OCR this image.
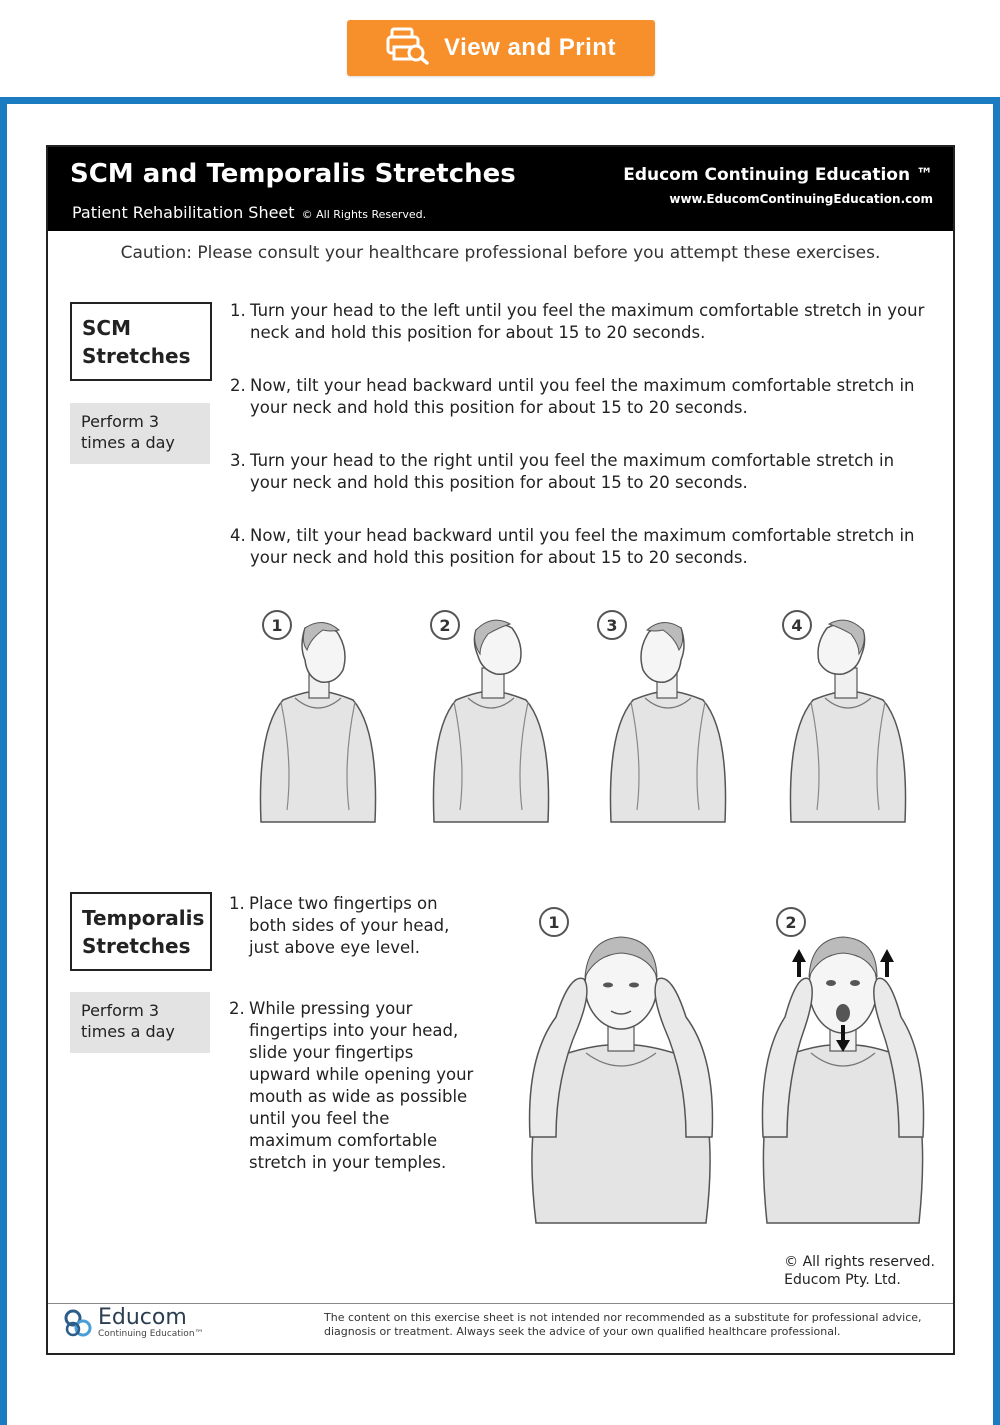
View and Print
SCM and Temporalis Stretches
Patient Rehabilitation Sheet © All Rights Reserved.
Educom Continuing Education ™
www.EducomContinuingEducation.com
Caution: Please consult your healthcare professional before you attempt these exercises.
SCM
Stretches
Perform 3
times a day
1. Turn your head to the left until you feel the maximum comfortable stretch in your neck and hold this position for about 15 to 20 seconds.
2. Now, tilt your head backward until you feel the maximum comfortable stretch in your neck and hold this position for about 15 to 20 seconds.
3. Turn your head to the right until you feel the maximum comfortable stretch in your neck and hold this position for about 15 to 20 seconds.
4. Now, tilt your head backward until you feel the maximum comfortable stretch in your neck and hold this position for about 15 to 20 seconds.
1	2	3	4
Temporalis
Stretches
Perform 3
times a day
1. Place two fingertips on both sides of your head, just above eye level.
2. While pressing your fingertips into your head, slide your fingertips upward while opening your mouth as wide as possible until you feel the maximum comfortable stretch in your temples.
1	2
© All rights reserved.
Educom Pty. Ltd.
Educom
Continuing Education™
The content on this exercise sheet is not intended nor recommended as a substitute for professional advice, diagnosis or treatment. Always seek the advice of your own qualified healthcare professional.
